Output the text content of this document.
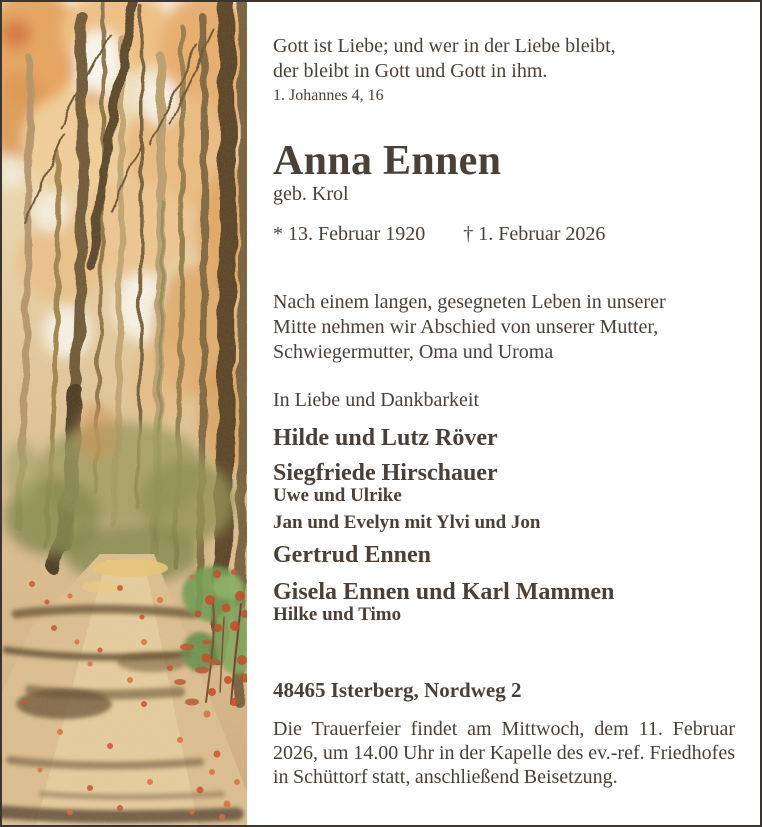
Gott ist Liebe; und wer in der Liebe bleibt,
der bleibt in Gott und Gott in ihm.
1. Johannes 4, 16
Anna Ennen
geb. Krol
* 13. Februar 1920 † 1. Februar 2026

Nach einem langen, gesegneten Leben in unserer Mitte nehmen wir Abschied von unserer Mutter, Schwiegermutter, Oma und Uroma

In Liebe und Dankbarkeit
Hilde und Lutz Röver
Siegfriede Hirschauer
Uwe und Ulrike
Jan und Evelyn mit Ylvi und Jon
Gertrud Ennen
Gisela Ennen und Karl Mammen
Hilke und Timo
48465 Isterberg, Nordweg 2

Die Trauerfeier findet am Mittwoch, dem 11. Februar 2026, um 14.00 Uhr in der Kapelle des ev.-ref. Friedhofes in Schüttorf statt, anschließend Beisetzung.
